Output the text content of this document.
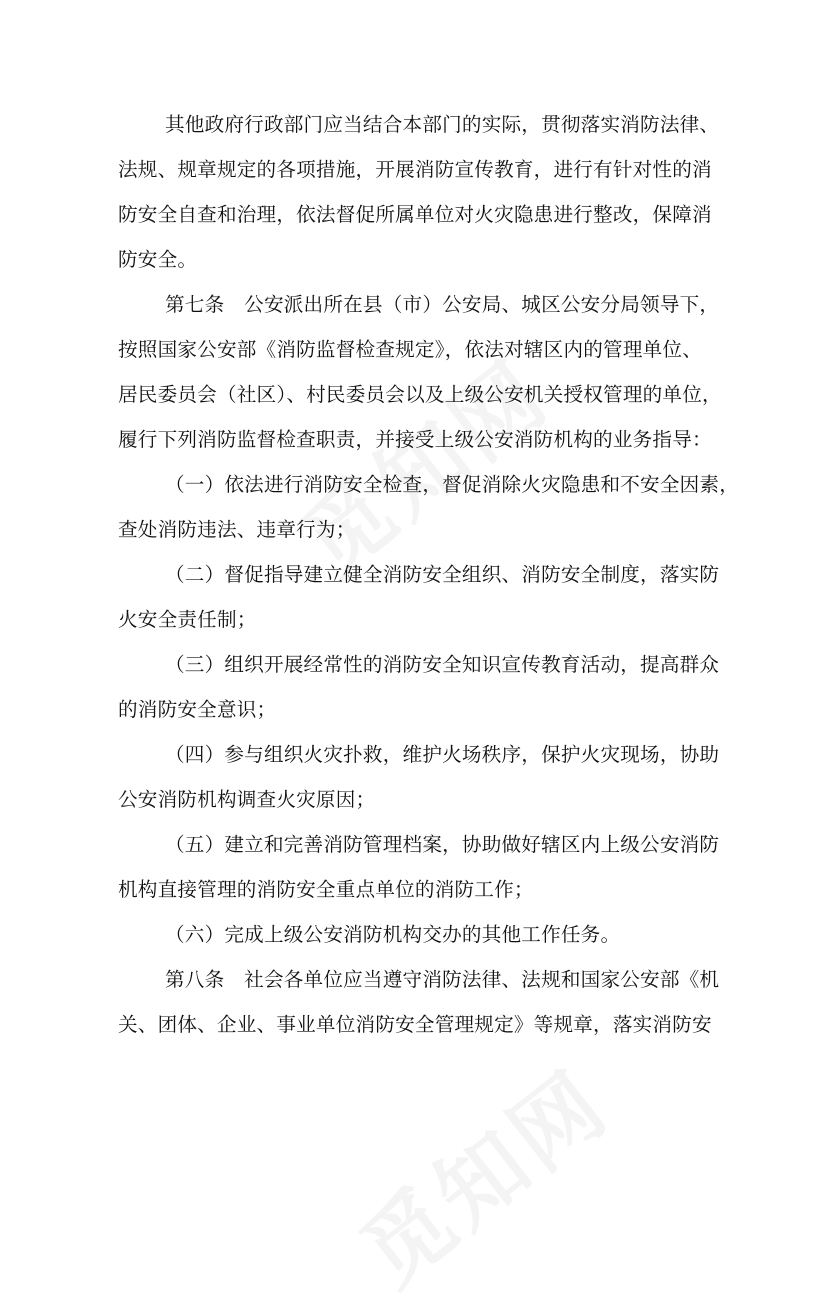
其他政府行政部门应当结合本部门的实际，贯彻落实消防法律、
法规、规章规定的各项措施，开展消防宣传教育，进行有针对性的消
防安全自查和治理，依法督促所属单位对火灾隐患进行整改，保障消
防安全。
第七条　公安派出所在县（市）公安局、城区公安分局领导下，
按照国家公安部《消防监督检查规定》，依法对辖区内的管理单位、
居民委员会（社区）、村民委员会以及上级公安机关授权管理的单位，
履行下列消防监督检查职责，并接受上级公安消防机构的业务指导：
（一）依法进行消防安全检查，督促消除火灾隐患和不安全因素，
查处消防违法、违章行为；
（二）督促指导建立健全消防安全组织、消防安全制度，落实防
火安全责任制；
（三）组织开展经常性的消防安全知识宣传教育活动，提高群众
的消防安全意识；
（四）参与组织火灾扑救，维护火场秩序，保护火灾现场，协助
公安消防机构调查火灾原因；
（五）建立和完善消防管理档案，协助做好辖区内上级公安消防
机构直接管理的消防安全重点单位的消防工作；
（六）完成上级公安消防机构交办的其他工作任务。
第八条　社会各单位应当遵守消防法律、法规和国家公安部《机
关、团体、企业、事业单位消防安全管理规定》等规章，落实消防安
